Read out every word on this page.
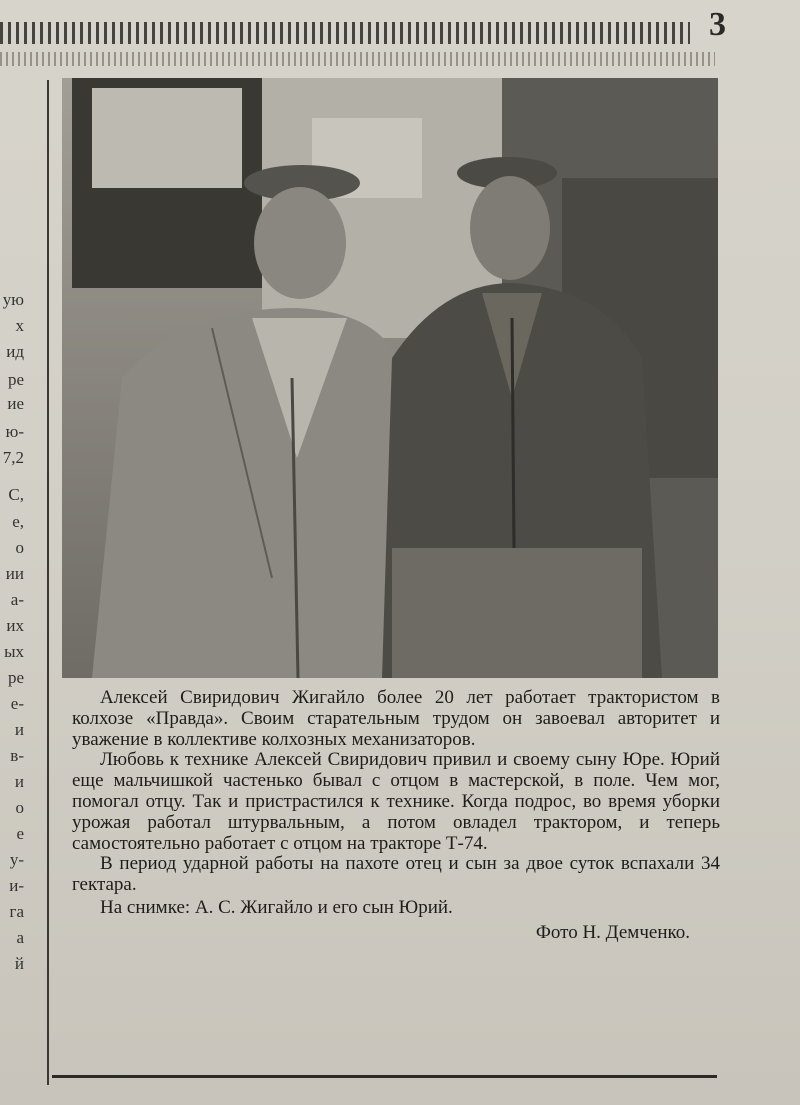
3
ую
х
ид
ре
ие
ю-
7,2
С,
е,
о
ии
а-
их
ых
ре
е-
и
в-
и
о
е
у-
и-
га
а
й

Алексей Свиридович Жигайло более 20 лет работает трактористом в колхозе «Правда». Своим старательным трудом он завоевал авторитет и уважение в коллективе колхозных механизаторов.

Любовь к технике Алексей Свиридович привил и своему сыну Юре. Юрий еще мальчишкой частенько бывал с отцом в мастерской, в поле. Чем мог, помогал отцу. Так и пристрастился к технике. Когда подрос, во время уборки урожая работал штурвальным, а потом овладел трактором, и теперь самостоятельно работает с отцом на тракторе Т-74.

В период ударной работы на пахоте отец и сын за двое суток вспахали 34 гектара.

На снимке: А. С. Жигайло и его сын Юрий.

Фото Н. Демченко.
